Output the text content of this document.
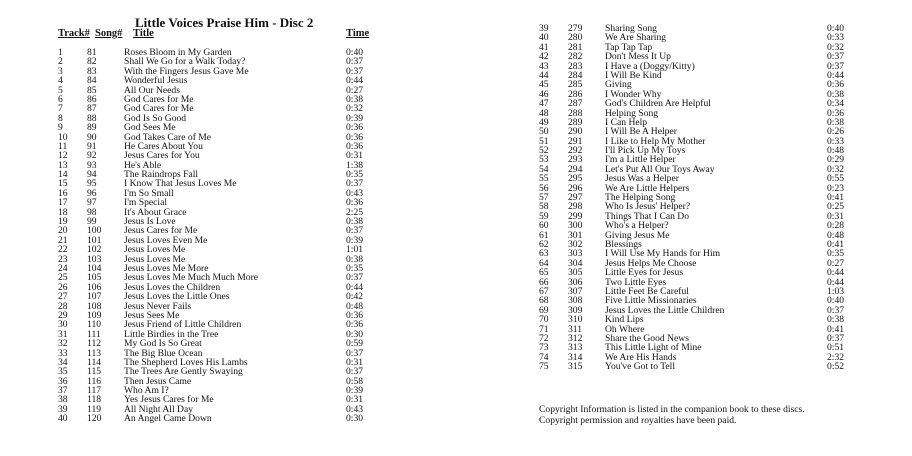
Little Voices Praise Him - Disc 2
Track# Song# Title	Time
1	81	Roses Bloom in My Garden	0:40
2	82	Shall We Go for a Walk Today?	0:37
3	83	With the Fingers Jesus Gave Me	0:37
4	84	Wonderful Jesus	0:44
5	85	All Our Needs	0:27
6	86	God Cares for Me	0:38
7	87	God Cares for Me	0:32
8	88	God Is So Good	0:39
9	89	God Sees Me	0:36
10 90	God Takes Care of Me	0:36
11 91	He Cares About You	0:36
12 92	Jesus Cares for You	0:31
13 93	He's Able	1:38
14 94	The Raindrops Fall	0:35
15 95	I Know That Jesus Loves Me	0:37
16 96	I'm So Small	0:43
17 97	I'm Special	0:36
18 98	It's About Grace	2:25
19 99	Jesus Is Love	0:38
20 100 Jesus Cares for Me	0:37
21 101 Jesus Loves Even Me	0:39
22 102 Jesus Loves Me	1:01
23 103 Jesus Loves Me	0:38
24 104 Jesus Loves Me More	0:35
25 105 Jesus Loves Me Much Much More	0:37
26 106 Jesus Loves the Children	0:44
27 107 Jesus Loves the Little Ones	0:42
28 108 Jesus Never Fails	0:48
29 109 Jesus Sees Me	0:36
30 110 Jesus Friend of Little Children	0:36
31 111 Little Birdies in the Tree	0:30
32 112 My God Is So Great	0:59
33 113 The Big Blue Ocean	0:37
34 114 The Shepherd Loves His Lambs	0:31
35 115 The Trees Are Gently Swaying	0:37
36 116 Then Jesus Came	0:58
37 117 Who Am I?	0:39
38 118 Yes Jesus Cares for Me	0:31
39 119 All Night All Day	0:43
40 120 An Angel Came Down	0:30
39 279 Sharing Song	0:40
40 280 We Are Sharing	0:33
41 281 Tap Tap Tap	0:32
42 282 Don't Mess It Up	0:37
43 283 I Have a (Doggy/Kitty)	0:37
44 284 I Will Be Kind	0:44
45 285 Giving	0:36
46 286 I Wonder Why	0:38
47 287 God's Children Are Helpful	0:34
48 288 Helping Song	0:36
49 289 I Can Help	0:38
50 290 I Will Be A Helper	0:26
51 291 I Like to Help My Mother	0:33
52 292 I'll Pick Up My Toys	0:48
53 293 I'm a Little Helper	0:29
54 294 Let's Put All Our Toys Away	0:32
55 295 Jesus Was a Helper	0:55
56 296 We Are Little Helpers	0:23
57 297 The Helping Song	0:41
58 298 Who Is Jesus' Helper?	0:25
59 299 Things That I Can Do	0:31
60 300 Who's a Helper?	0:28
61 301 Giving Jesus Me	0:48
62 302 Blessings	0:41
63 303 I Will Use My Hands for Him	0:35
64 304 Jesus Helps Me Choose	0:27
65 305 Little Eyes for Jesus	0:44
66 306 Two Little Eyes	0:44
67 307 Little Feet Be Careful	1:03
68 308 Five Little Missionaries	0:40
69 309 Jesus Loves the Little Children	0:37
70 310 Kind Lips	0:38
71 311 Oh Where	0:41
72 312 Share the Good News	0:37
73 313 This Little Light of Mine	0:51
74 314 We Are His Hands	2:32
75 315 You've Got to Tell	0:52
Copyright Information is listed in the companion book to these discs. Copyright permission and royalties have been paid.
